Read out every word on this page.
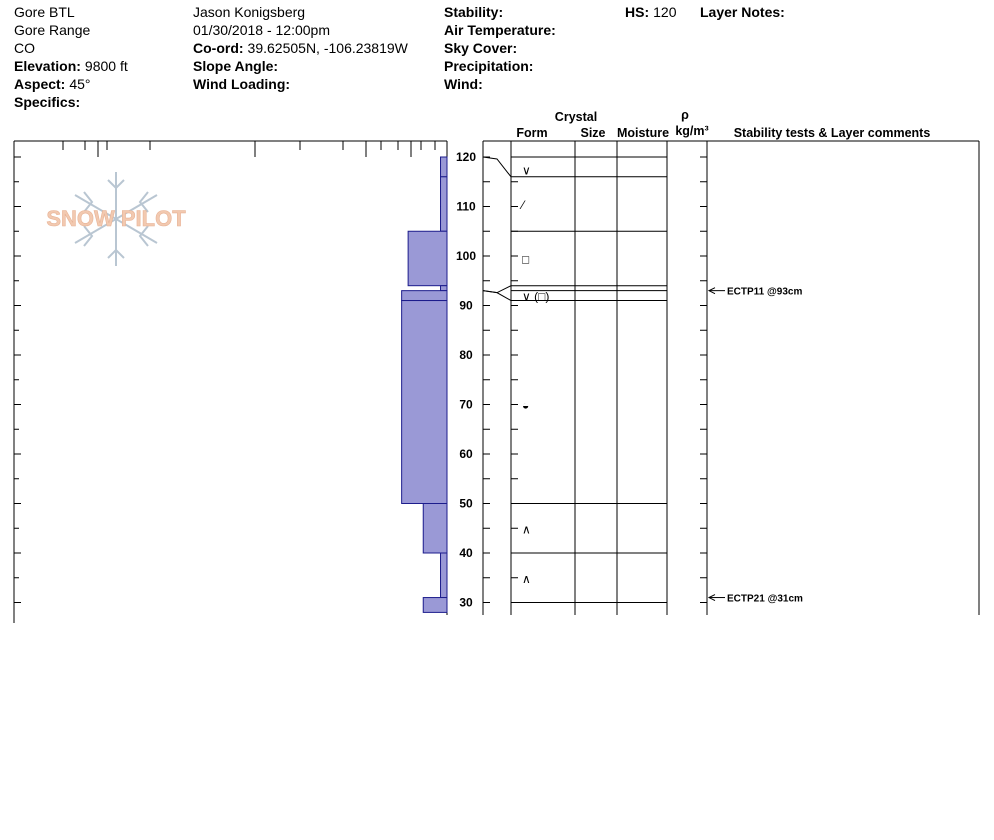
Gore BTL
Gore Range
CO
Elevation: 9800 ft
Aspect: 45°
Specifics:
Jason Konigsberg
01/30/2018 - 12:00pm
Co-ord: 39.62505N, -106.23819W
Slope Angle:
Wind Loading:
Stability:
Air Temperature:
Sky Cover:
Precipitation:
Wind:
HS: 120 Layer Notes:
SNOW PILOT
30
40
50
60
70
80
90
100
110
120
Crystal
Form	Size Moisture
ρ
kg/m³ Stability tests & Layer comments
∨
⁄
□
∨ (□)
◒
∧
∧
ECTP11 @93cm
ECTP21 @31cm
